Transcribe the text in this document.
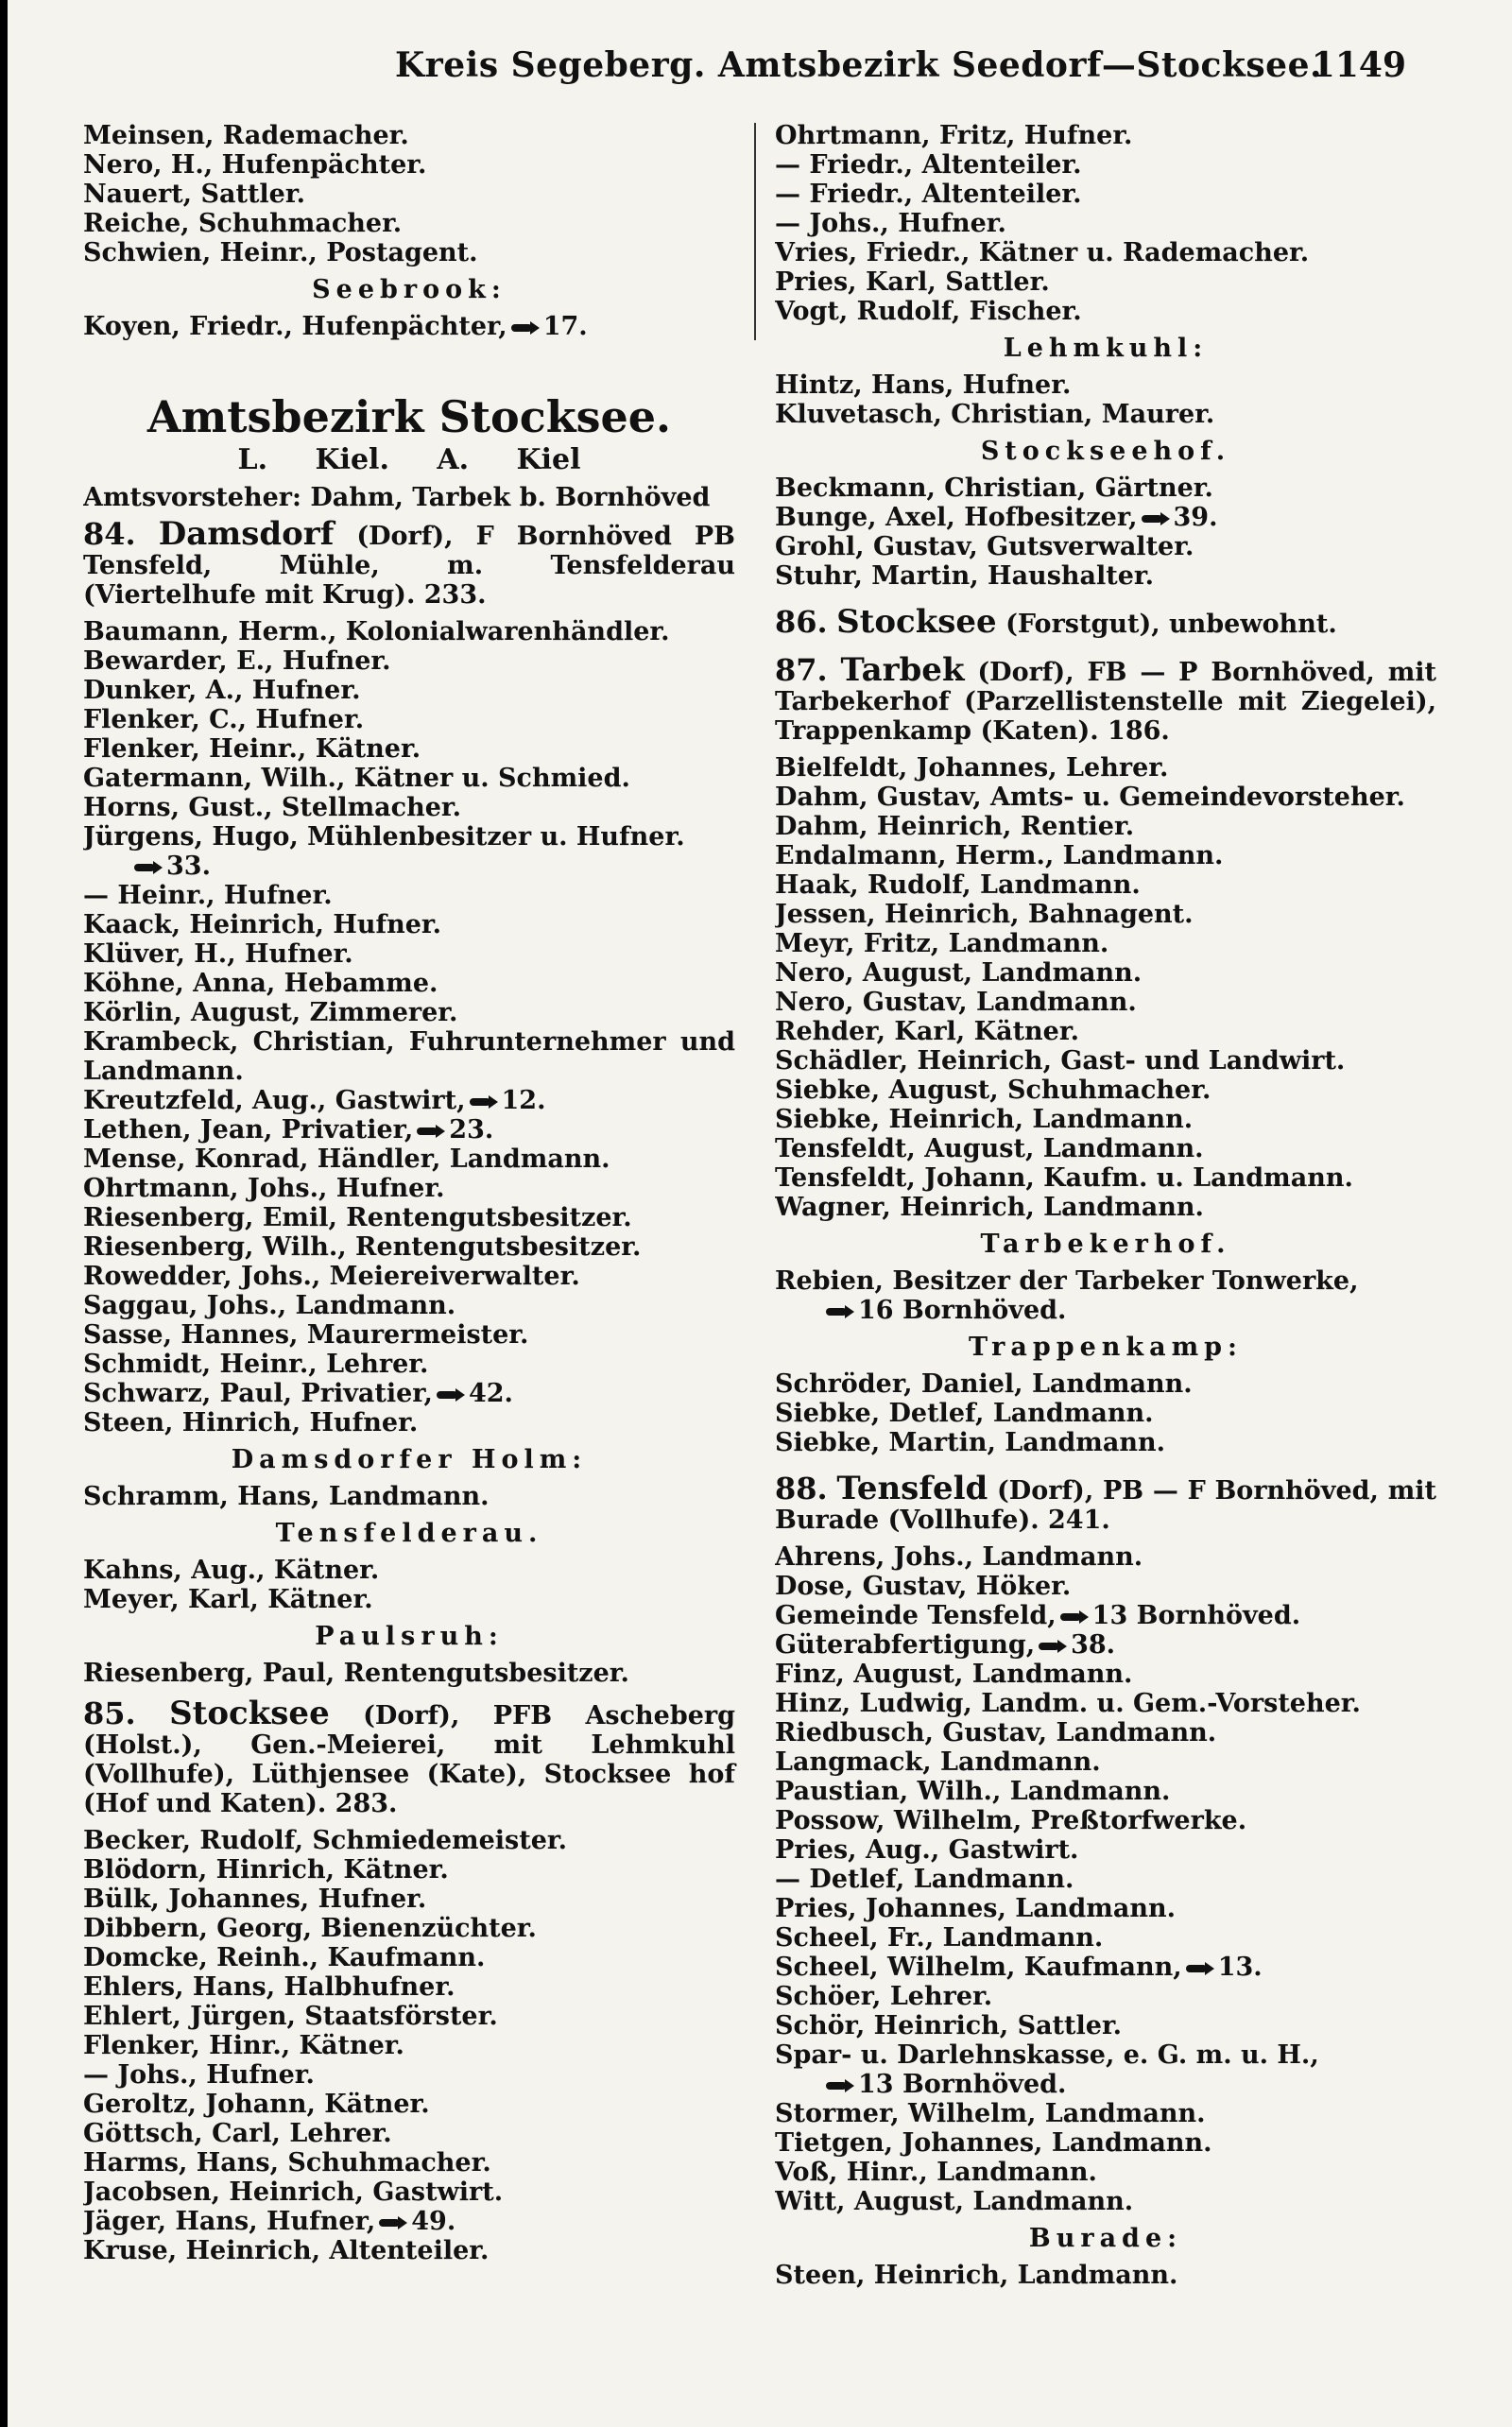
Kreis Segeberg. Amtsbezirk Seedorf—Stocksee.
1149
Meinsen, Rademacher.
Nero, H., Hufenpächter.
Nauert, Sattler.
Reiche, Schuhmacher.
Schwien, Heinr., Postagent.
Seebrook:
Koyen, Friedr., Hufenpächter, 17.
Amtsbezirk Stocksee.
L. Kiel. A. Kiel
Amtsvorsteher: Dahm, Tarbek b. Bornhöved
84. Damsdorf (Dorf), F Bornhöved PB Tensfeld, Mühle, m. Tensfelderau (Viertelhufe mit Krug). 233.
Baumann, Herm., Kolonialwarenhändler.
Bewarder, E., Hufner.
Dunker, A., Hufner.
Flenker, C., Hufner.
Flenker, Heinr., Kätner.
Gatermann, Wilh., Kätner u. Schmied.
Horns, Gust., Stellmacher.
Jürgens, Hugo, Mühlenbesitzer u. Hufner.
33.
— Heinr., Hufner.
Kaack, Heinrich, Hufner.
Klüver, H., Hufner.
Köhne, Anna, Hebamme.
Körlin, August, Zimmerer.
Krambeck, Christian, Fuhrunternehmer und Landmann.
Kreutzfeld, Aug., Gastwirt, 12.
Lethen, Jean, Privatier, 23.
Mense, Konrad, Händler, Landmann.
Ohrtmann, Johs., Hufner.
Riesenberg, Emil, Rentengutsbesitzer.
Riesenberg, Wilh., Rentengutsbesitzer.
Rowedder, Johs., Meiereiverwalter.
Saggau, Johs., Landmann.
Sasse, Hannes, Maurermeister.
Schmidt, Heinr., Lehrer.
Schwarz, Paul, Privatier, 42.
Steen, Hinrich, Hufner.
Damsdorfer Holm:
Schramm, Hans, Landmann.
Tensfelderau.
Kahns, Aug., Kätner.
Meyer, Karl, Kätner.
Paulsruh:
Riesenberg, Paul, Rentengutsbesitzer.
85. Stocksee (Dorf), PFB Ascheberg (Holst.), Gen.-Meierei, mit Lehmkuhl (Vollhufe), Lüthjensee (Kate), Stocksee hof (Hof und Katen). 283.
Becker, Rudolf, Schmiedemeister.
Blödorn, Hinrich, Kätner.
Bülk, Johannes, Hufner.
Dibbern, Georg, Bienenzüchter.
Domcke, Reinh., Kaufmann.
Ehlers, Hans, Halbhufner.
Ehlert, Jürgen, Staatsförster.
Flenker, Hinr., Kätner.
— Johs., Hufner.
Geroltz, Johann, Kätner.
Göttsch, Carl, Lehrer.
Harms, Hans, Schuhmacher.
Jacobsen, Heinrich, Gastwirt.
Jäger, Hans, Hufner, 49.
Kruse, Heinrich, Altenteiler.
Ohrtmann, Fritz, Hufner.
— Friedr., Altenteiler.
— Friedr., Altenteiler.
— Johs., Hufner.
Vries, Friedr., Kätner u. Rademacher.
Pries, Karl, Sattler.
Vogt, Rudolf, Fischer.
Lehmkuhl:
Hintz, Hans, Hufner.
Kluvetasch, Christian, Maurer.
Stockseehof.
Beckmann, Christian, Gärtner.
Bunge, Axel, Hofbesitzer, 39.
Grohl, Gustav, Gutsverwalter.
Stuhr, Martin, Haushalter.
86. Stocksee (Forstgut), unbewohnt.
87. Tarbek (Dorf), FB — P Bornhöved, mit Tarbekerhof (Parzellistenstelle mit Ziegelei), Trappenkamp (Katen). 186.
Bielfeldt, Johannes, Lehrer.
Dahm, Gustav, Amts- u. Gemeindevorsteher.
Dahm, Heinrich, Rentier.
Endalmann, Herm., Landmann.
Haak, Rudolf, Landmann.
Jessen, Heinrich, Bahnagent.
Meyr, Fritz, Landmann.
Nero, August, Landmann.
Nero, Gustav, Landmann.
Rehder, Karl, Kätner.
Schädler, Heinrich, Gast- und Landwirt.
Siebke, August, Schuhmacher.
Siebke, Heinrich, Landmann.
Tensfeldt, August, Landmann.
Tensfeldt, Johann, Kaufm. u. Landmann.
Wagner, Heinrich, Landmann.
Tarbekerhof.
Rebien, Besitzer der Tarbeker Tonwerke,
16 Bornhöved.
Trappenkamp:
Schröder, Daniel, Landmann.
Siebke, Detlef, Landmann.
Siebke, Martin, Landmann.
88. Tensfeld (Dorf), PB — F Bornhöved, mit Burade (Vollhufe). 241.
Ahrens, Johs., Landmann.
Dose, Gustav, Höker.
Gemeinde Tensfeld, 13 Bornhöved.
Güterabfertigung, 38.
Finz, August, Landmann.
Hinz, Ludwig, Landm. u. Gem.-Vorsteher.
Riedbusch, Gustav, Landmann.
Langmack, Landmann.
Paustian, Wilh., Landmann.
Possow, Wilhelm, Preßtorfwerke.
Pries, Aug., Gastwirt.
— Detlef, Landmann.
Pries, Johannes, Landmann.
Scheel, Fr., Landmann.
Scheel, Wilhelm, Kaufmann, 13.
Schöer, Lehrer.
Schör, Heinrich, Sattler.
Spar- u. Darlehnskasse, e. G. m. u. H.,
13 Bornhöved.
Stormer, Wilhelm, Landmann.
Tietgen, Johannes, Landmann.
Voß, Hinr., Landmann.
Witt, August, Landmann.
Burade:
Steen, Heinrich, Landmann.
